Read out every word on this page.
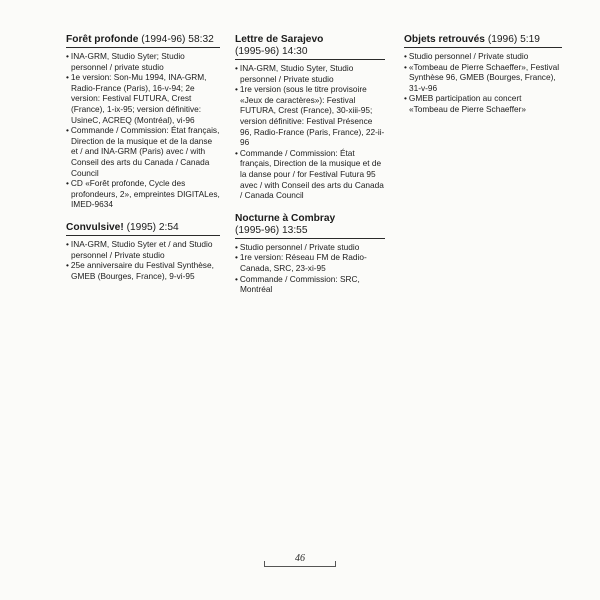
Forêt profonde (1994-96) 58:32
• INA-GRM, Studio Syter; Studio personnel / private studio
• 1e version: Son-Mu 1994, INA-GRM, Radio-France (Paris), 16-v-94; 2e version: Festival FUTURA, Crest (France), 1-ix-95; version définitive: UsineC, ACREQ (Montréal), vi-96
• Commande / Commission: État français, Direction de la musique et de la danse et / and INA-GRM (Paris) avec / with Conseil des arts du Canada / Canada Council
• CD «Forêt profonde, Cycle des profondeurs, 2», empreintes DIGITALes, IMED-9634
Convulsive! (1995) 2:54
• INA-GRM, Studio Syter et / and Studio personnel / Private studio
• 25e anniversaire du Festival Synthèse, GMEB (Bourges, France), 9-vi-95
Lettre de Sarajevo
(1995-96) 14:30
• INA-GRM, Studio Syter, Studio personnel / Private studio
• 1re version (sous le titre provisoire «Jeux de caractères»): Festival FUTURA, Crest (France), 30-xiii-95; version définitive: Festival Présence 96, Radio-France (Paris, France), 22-ii-96
• Commande / Commission: État français, Direction de la musique et de la danse pour / for Festival Futura 95 avec / with Conseil des arts du Canada / Canada Council
Nocturne à Combray
(1995-96) 13:55
• Studio personnel / Private studio
• 1re version: Réseau FM de Radio-Canada, SRC, 23-xi-95
• Commande / Commission: SRC, Montréal
Objets retrouvés (1996) 5:19
• Studio personnel / Private studio
• «Tombeau de Pierre Schaeffer», Festival Synthèse 96, GMEB (Bourges, France), 31-v-96
• GMEB participation au concert «Tombeau de Pierre Schaeffer»
46
